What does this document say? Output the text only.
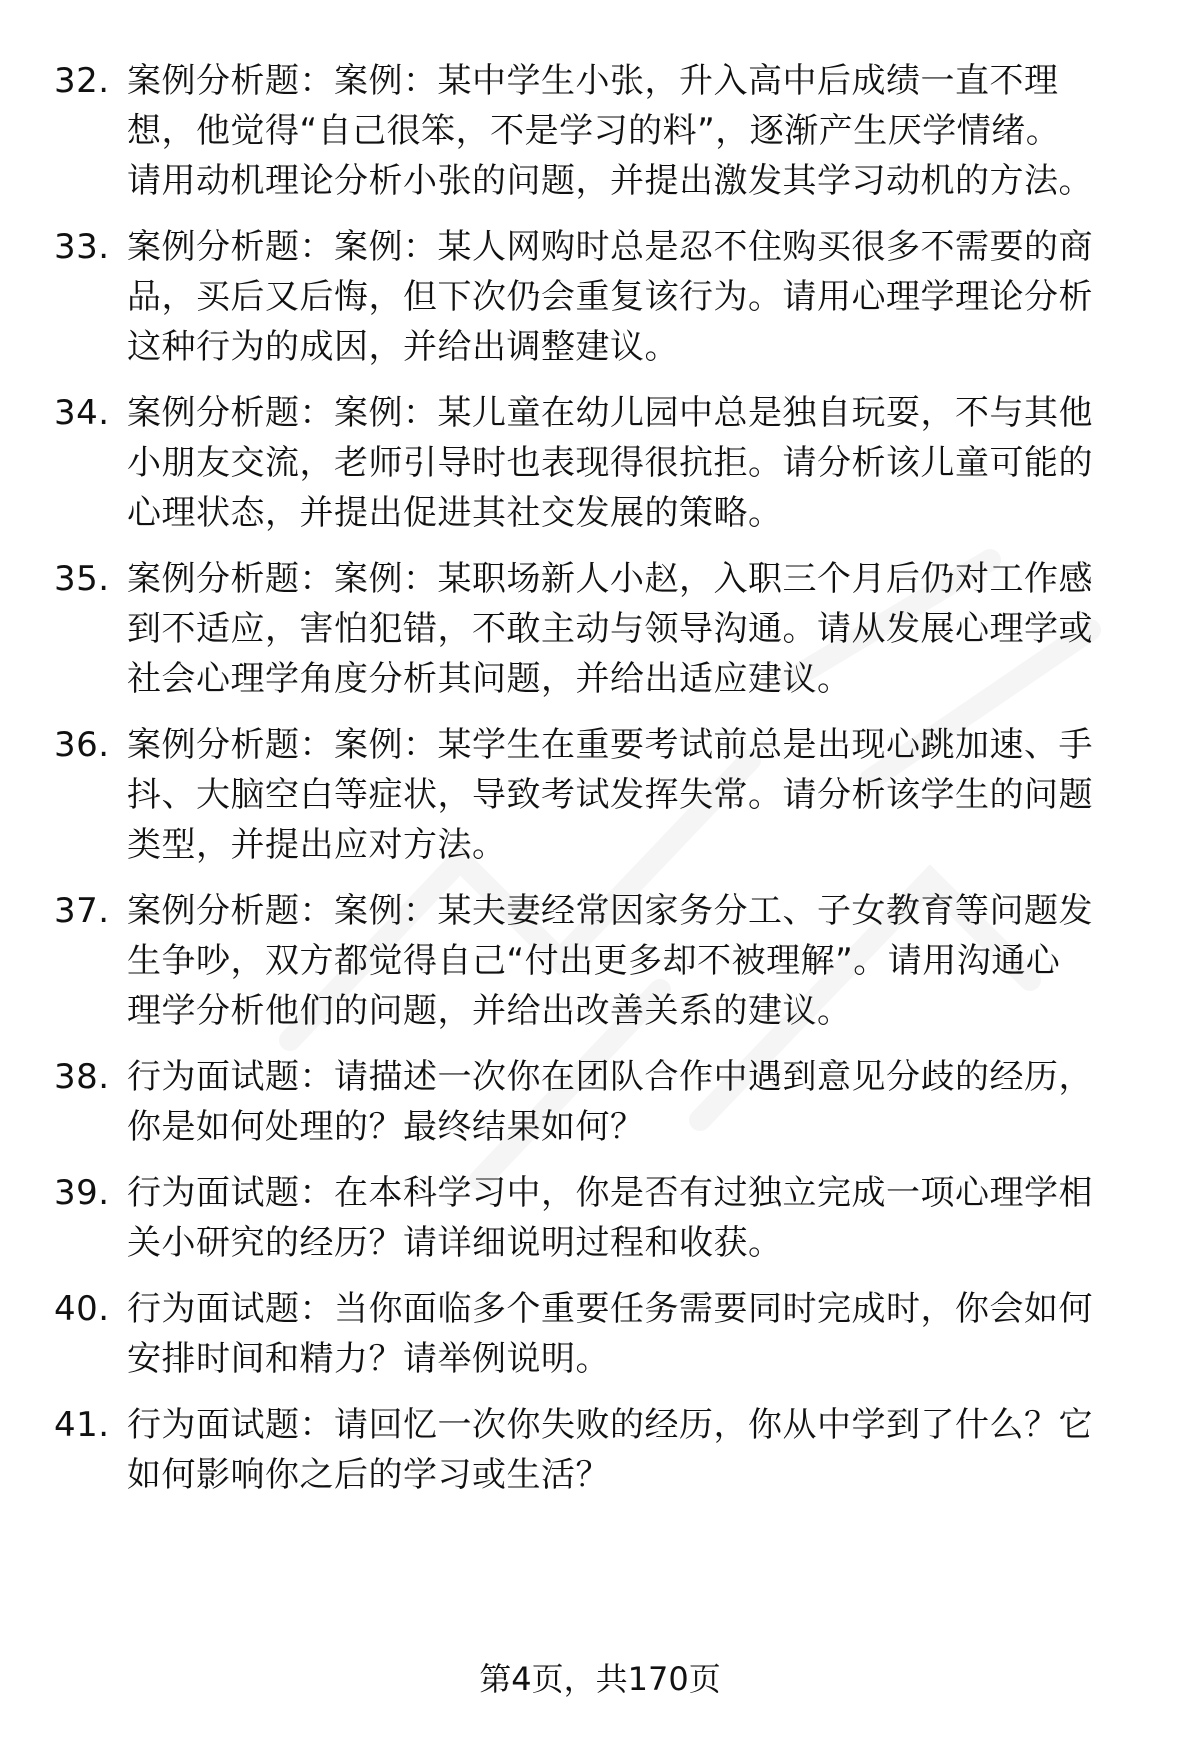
32. 案例分析题：案例：某中学生小张，升入高中后成绩一直不理
想，他觉得“自己很笨，不是学习的料”，逐渐产生厌学情绪。
请用动机理论分析小张的问题，并提出激发其学习动机的方法。
33. 案例分析题：案例：某人网购时总是忍不住购买很多不需要的商
品，买后又后悔，但下次仍会重复该行为。请用心理学理论分析
这种行为的成因，并给出调整建议。
34. 案例分析题：案例：某儿童在幼儿园中总是独自玩耍，不与其他
小朋友交流，老师引导时也表现得很抗拒。请分析该儿童可能的
心理状态，并提出促进其社交发展的策略。
35. 案例分析题：案例：某职场新人小赵，入职三个月后仍对工作感
到不适应，害怕犯错，不敢主动与领导沟通。请从发展心理学或
社会心理学角度分析其问题，并给出适应建议。
36. 案例分析题：案例：某学生在重要考试前总是出现心跳加速、手
抖、大脑空白等症状，导致考试发挥失常。请分析该学生的问题
类型，并提出应对方法。
37. 案例分析题：案例：某夫妻经常因家务分工、子女教育等问题发
生争吵，双方都觉得自己“付出更多却不被理解”。请用沟通心
理学分析他们的问题，并给出改善关系的建议。
38. 行为面试题：请描述一次你在团队合作中遇到意见分歧的经历，
你是如何处理的？最终结果如何？
39. 行为面试题：在本科学习中，你是否有过独立完成一项心理学相
关小研究的经历？请详细说明过程和收获。
40. 行为面试题：当你面临多个重要任务需要同时完成时，你会如何
安排时间和精力？请举例说明。
41. 行为面试题：请回忆一次你失败的经历，你从中学到了什么？它
如何影响你之后的学习或生活？
第4页，共170页
